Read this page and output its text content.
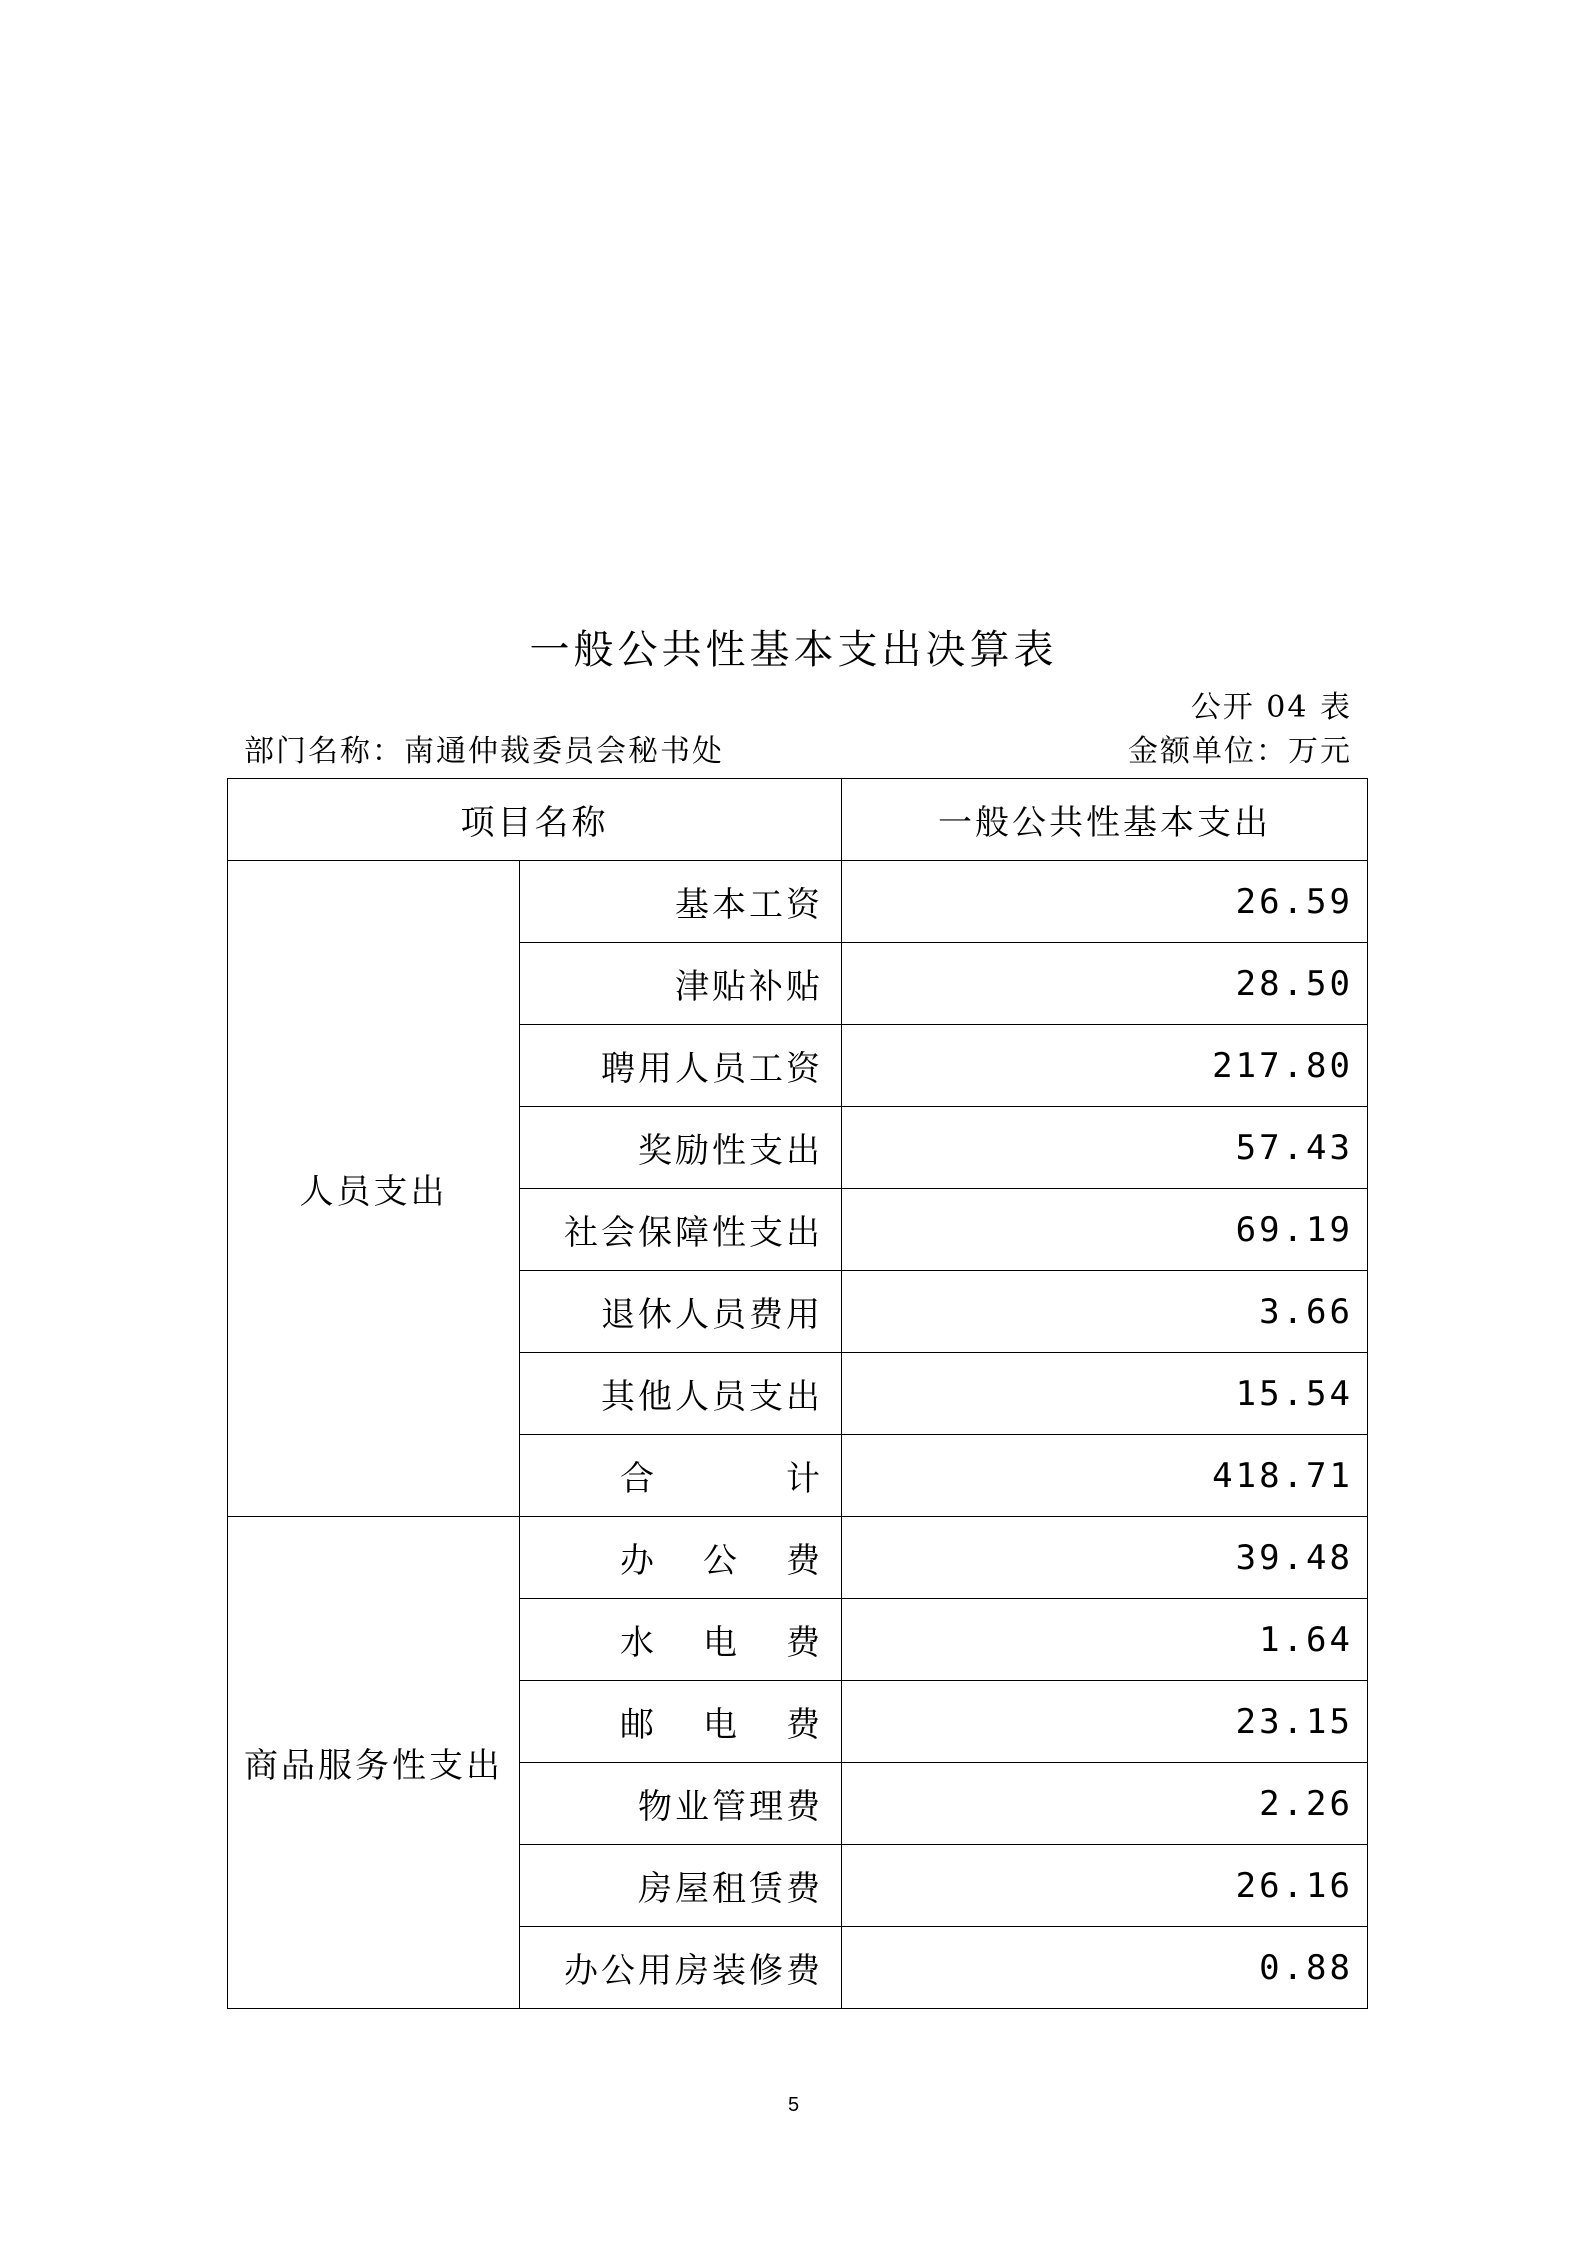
一般公共性基本支出决算表
公开 04 表
部门名称：南通仲裁委员会秘书处	金额单位：万元
项目名称		一般公共性基本支出
人员支出	基本工资	26.59
	津贴补贴	28.50
	聘用人员工资	217.80
	奖励性支出	57.43
	社会保障性支出	69.19
	退休人员费用	3.66
	其他人员支出	15.54
	合计	418.71
商品服务性支出	办公费	39.48
	水电费	1.64
	邮电费	23.15
	物业管理费	2.26
	房屋租赁费	26.16
	办公用房装修费	0.88
5
